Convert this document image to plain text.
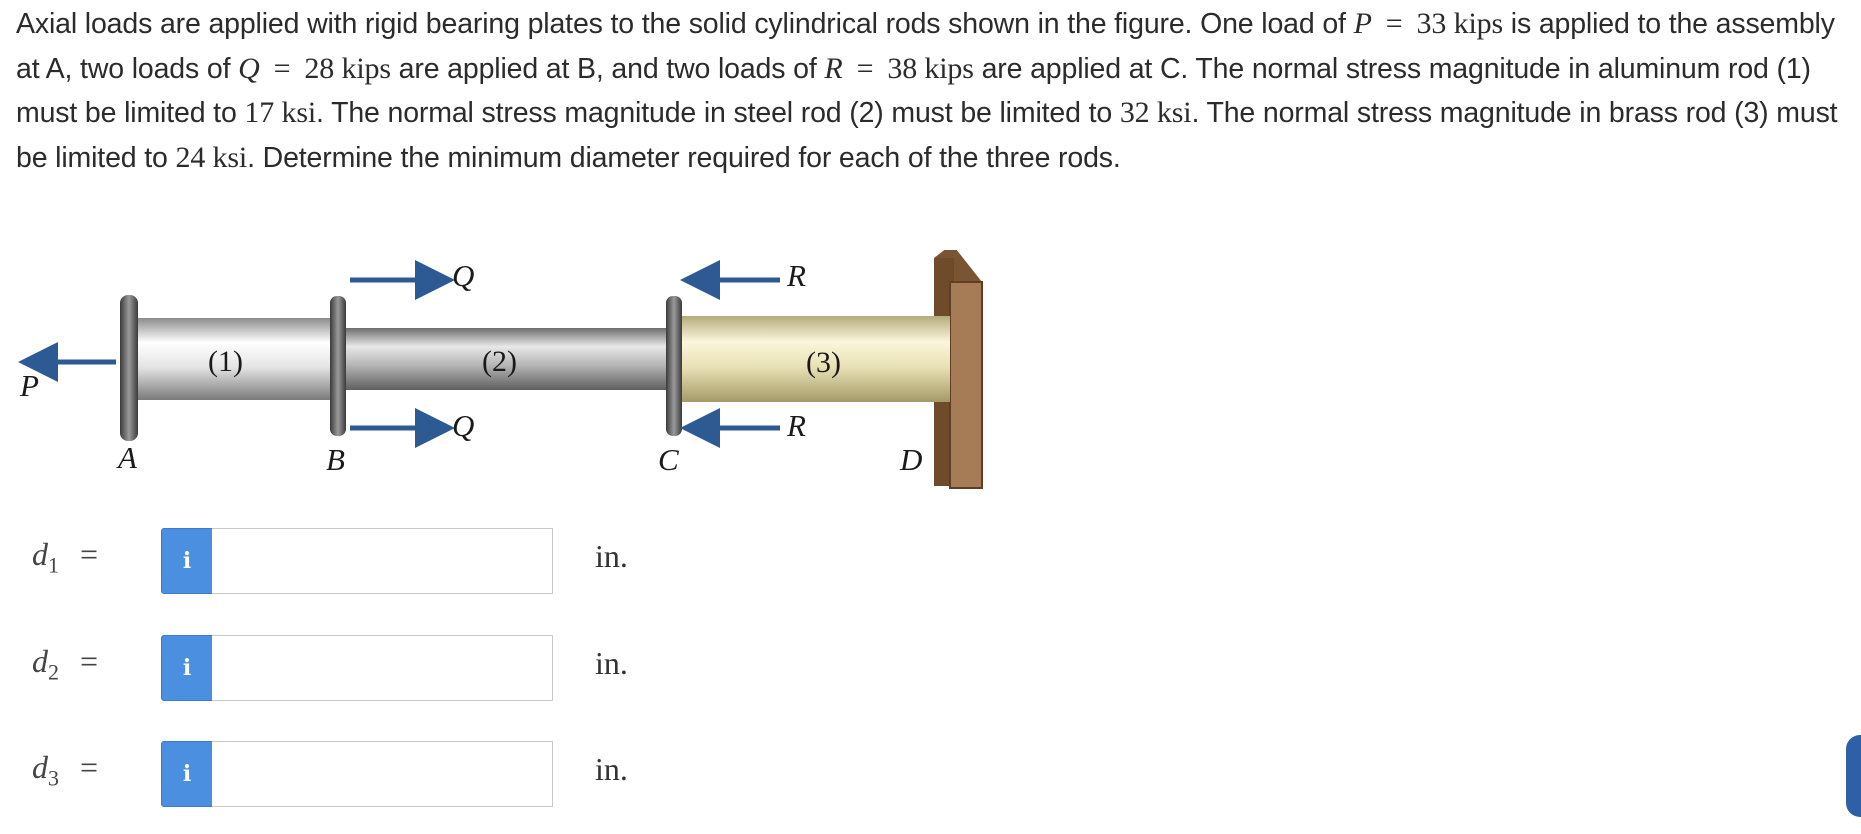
Axial loads are applied with rigid bearing plates to the solid cylindrical rods shown in the figure. One load of P = 33 kips is applied to the assembly at A, two loads of Q = 28 kips are applied at B, and two loads of R = 38 kips are applied at C. The normal stress magnitude in aluminum rod (1) must be limited to 17 ksi. The normal stress magnitude in steel rod (2) must be limited to 32 ksi. The normal stress magnitude in brass rod (3) must be limited to 24 ksi. Determine the minimum diameter required for each of the three rods.
P
Q
Q
R
R
A	B	C	D
(1)	(2)	(3)
$d_1$ =	i	in.
$d_2$ =	i	in.
$d_3$ =	i	in.
